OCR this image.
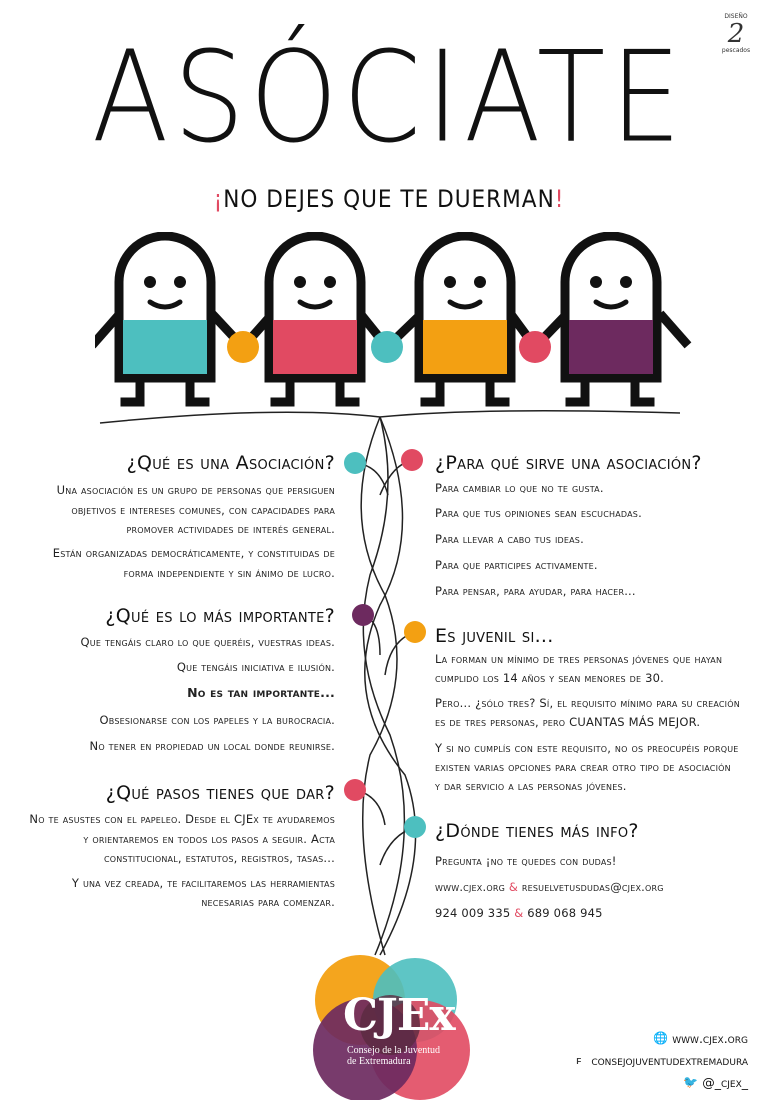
DISEÑO
2
pescados
ASÓCIATE
¡NO DEJES QUE TE DUERMAN!
¿Qué es una Asociación?
Una asociación es un grupo de personas que persiguen
objetivos e intereses comunes, con capacidades para
promover actividades de interés general.
Están organizadas democráticamente, y constituidas de
forma independiente y sin ánimo de lucro.
¿Qué es lo más importante?
Que tengáis claro lo que queréis, vuestras ideas.
Que tengáis iniciativa e ilusión.
No es tan importante...
Obsesionarse con los papeles y la burocracia.
No tener en propiedad un local donde reunirse.
¿Qué pasos tienes que dar?
No te asustes con el papeleo. Desde el CJEx te ayudaremos
y orientaremos en todos los pasos a seguir. Acta
constitucional, estatutos, registros, tasas...
Y una vez creada, te facilitaremos las herramientas
necesarias para comenzar.
¿Para qué sirve una asociación?
Para cambiar lo que no te gusta.
Para que tus opiniones sean escuchadas.
Para llevar a cabo tus ideas.
Para que participes activamente.
Para pensar, para ayudar, para hacer...
Es juvenil si...
La forman un mínimo de tres personas jóvenes que hayan
cumplido los 14 años y sean menores de 30.
Pero... ¿sólo tres? Sí, el requisito mínimo para su creación
es de tres personas, pero CUANTAS MÁS MEJOR.
Y si no cumplís con este requisito, no os preocupéis porque
existen varias opciones para crear otro tipo de asociación
y dar servicio a las personas jóvenes.
¿Dónde tienes más info?
Pregunta ¡no te quedes con dudas!
www.cjex.org & resuelvetusdudas@cjex.org
924 009 335 & 689 068 945
CJEx
Consejo de la Juventud
de Extremadura
🌐 www.cjex.org
f consejojuventudextremadura
🐦 @_cjex_
